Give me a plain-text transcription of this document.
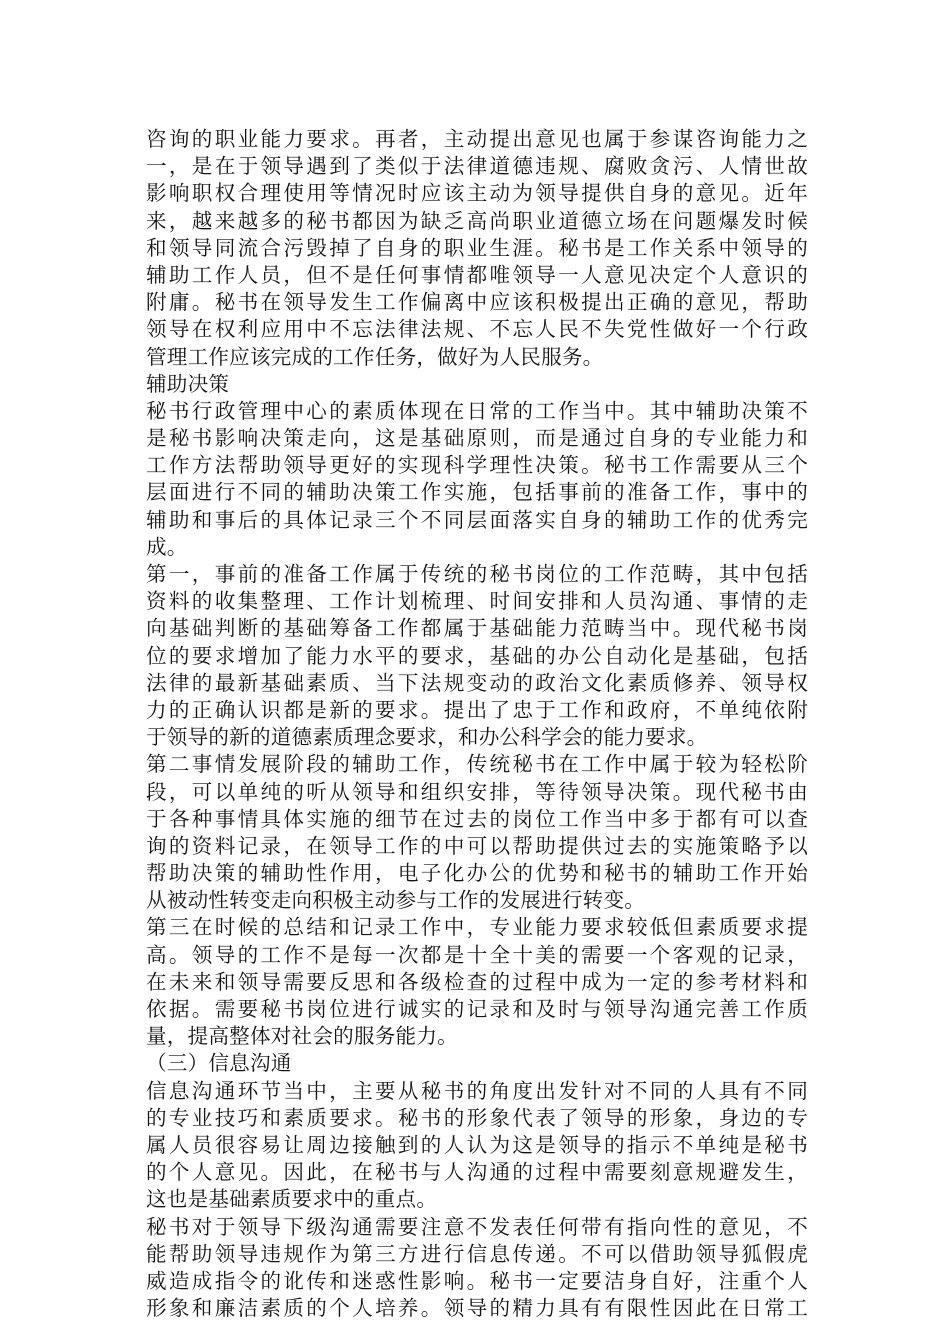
咨询的职业能力要求。再者，主动提出意见也属于参谋咨询能力之
一，是在于领导遇到了类似于法律道德违规、腐败贪污、人情世故
影响职权合理使用等情况时应该主动为领导提供自身的意见。近年
来，越来越多的秘书都因为缺乏高尚职业道德立场在问题爆发时候
和领导同流合污毁掉了自身的职业生涯。秘书是工作关系中领导的
辅助工作人员，但不是任何事情都唯领导一人意见决定个人意识的
附庸。秘书在领导发生工作偏离中应该积极提出正确的意见，帮助
领导在权利应用中不忘法律法规、不忘人民不失党性做好一个行政
管理工作应该完成的工作任务，做好为人民服务。
辅助决策
秘书行政管理中心的素质体现在日常的工作当中。其中辅助决策不
是秘书影响决策走向，这是基础原则，而是通过自身的专业能力和
工作方法帮助领导更好的实现科学理性决策。秘书工作需要从三个
层面进行不同的辅助决策工作实施，包括事前的准备工作，事中的
辅助和事后的具体记录三个不同层面落实自身的辅助工作的优秀完
成。
第一，事前的准备工作属于传统的秘书岗位的工作范畴，其中包括
资料的收集整理、工作计划梳理、时间安排和人员沟通、事情的走
向基础判断的基础筹备工作都属于基础能力范畴当中。现代秘书岗
位的要求增加了能力水平的要求，基础的办公自动化是基础，包括
法律的最新基础素质、当下法规变动的政治文化素质修养、领导权
力的正确认识都是新的要求。提出了忠于工作和政府，不单纯依附
于领导的新的道德素质理念要求，和办公科学会的能力要求。
第二事情发展阶段的辅助工作，传统秘书在工作中属于较为轻松阶
段，可以单纯的听从领导和组织安排，等待领导决策。现代秘书由
于各种事情具体实施的细节在过去的岗位工作当中多于都有可以查
询的资料记录，在领导工作的中可以帮助提供过去的实施策略予以
帮助决策的辅助性作用，电子化办公的优势和秘书的辅助工作开始
从被动性转变走向积极主动参与工作的发展进行转变。
第三在时候的总结和记录工作中，专业能力要求较低但素质要求提
高。领导的工作不是每一次都是十全十美的需要一个客观的记录，
在未来和领导需要反思和各级检查的过程中成为一定的参考材料和
依据。需要秘书岗位进行诚实的记录和及时与领导沟通完善工作质
量，提高整体对社会的服务能力。
（三）信息沟通
信息沟通环节当中，主要从秘书的角度出发针对不同的人具有不同
的专业技巧和素质要求。秘书的形象代表了领导的形象，身边的专
属人员很容易让周边接触到的人认为这是领导的指示不单纯是秘书
的个人意见。因此，在秘书与人沟通的过程中需要刻意规避发生，
这也是基础素质要求中的重点。
秘书对于领导下级沟通需要注意不发表任何带有指向性的意见，不
能帮助领导违规作为第三方进行信息传递。不可以借助领导狐假虎
威造成指令的讹传和迷惑性影响。秘书一定要洁身自好，注重个人
形象和廉洁素质的个人培养。领导的精力具有有限性因此在日常工
